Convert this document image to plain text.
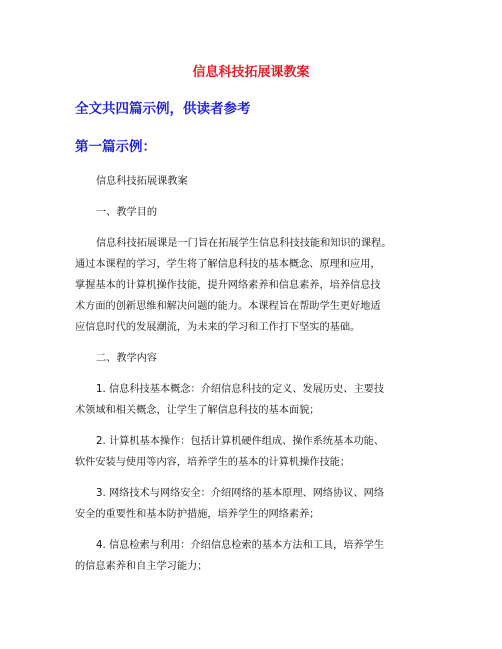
信息科技拓展课教案
全文共四篇示例，供读者参考
第一篇示例：
信息科技拓展课教案
一、教学目的
信息科技拓展课是一门旨在拓展学生信息科技技能和知识的课程。
通过本课程的学习，学生将了解信息科技的基本概念、原理和应用，
掌握基本的计算机操作技能，提升网络素养和信息素养，培养信息技
术方面的创新思维和解决问题的能力。本课程旨在帮助学生更好地适
应信息时代的发展潮流，为未来的学习和工作打下坚实的基础。
二、教学内容
1. 信息科技基本概念：介绍信息科技的定义、发展历史、主要技
术领域和相关概念，让学生了解信息科技的基本面貌；
2. 计算机基本操作：包括计算机硬件组成、操作系统基本功能、
软件安装与使用等内容，培养学生的基本的计算机操作技能；
3. 网络技术与网络安全：介绍网络的基本原理、网络协议、网络
安全的重要性和基本防护措施，培养学生的网络素养；
4. 信息检索与利用：介绍信息检索的基本方法和工具，培养学生
的信息素养和自主学习能力；
